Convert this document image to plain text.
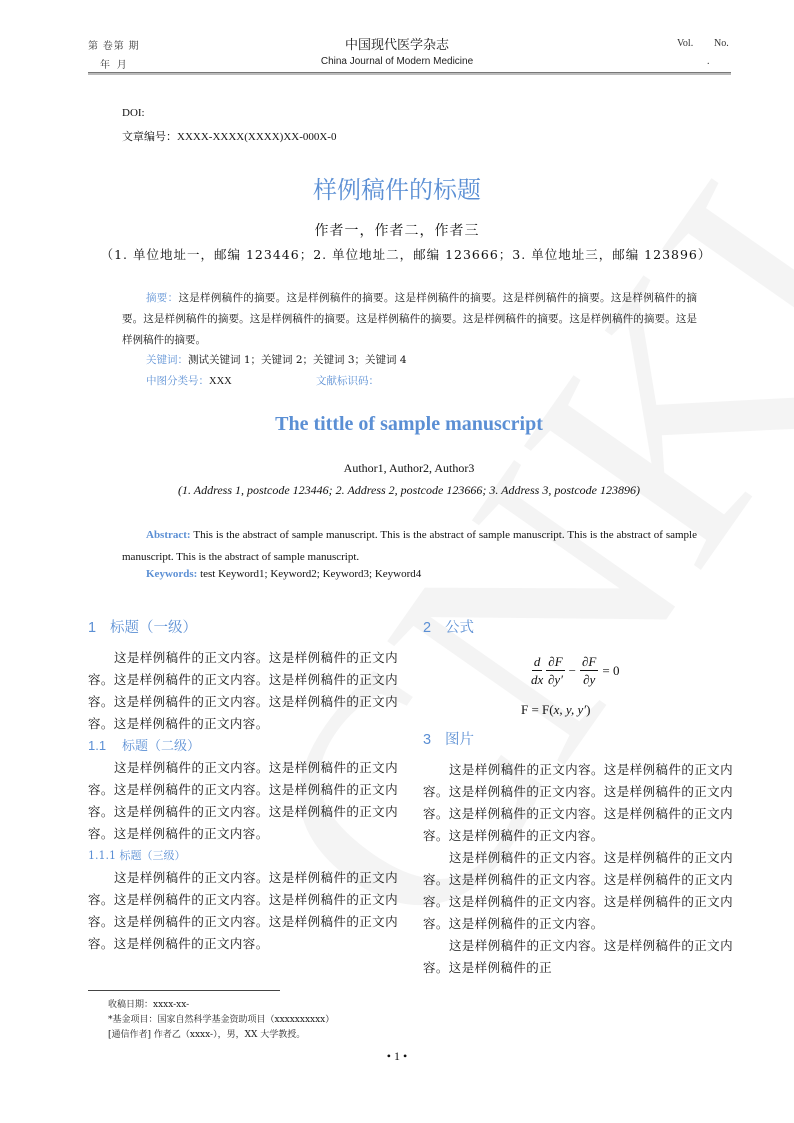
第 卷第 期
年 月
中国现代医学杂志
China Journal of Modern Medicine
Vol. No.
.
DOI:
文章编号：XXXX-XXXX(XXXX)XX-000X-0
样例稿件的标题
作者一，作者二，作者三
（1. 单位地址一，邮编 123446；2. 单位地址二，邮编 123666；3. 单位地址三，邮编 123896）
摘要：这是样例稿件的摘要。这是样例稿件的摘要。这是样例稿件的摘要。这是样例稿件的摘要。这是样例稿件的摘要。这是样例稿件的摘要。这是样例稿件的摘要。这是样例稿件的摘要。这是样例稿件的摘要。这是样例稿件的摘要。这是样例稿件的摘要。
关键词：测试关键词 1；关键词 2；关键词 3；关键词 4
中图分类号：XXX	文献标识码：
The tittle of sample manuscript
Author1, Author2, Author3
(1. Address 1, postcode 123446; 2. Address 2, postcode 123666; 3. Address 3, postcode 123896)
Abstract: This is the abstract of sample manuscript. This is the abstract of sample manuscript. This is the abstract of sample manuscript. This is the abstract of sample manuscript.
Keywords: test Keyword1; Keyword2; Keyword3; Keyword4
1 标题（一级）
这是样例稿件的正文内容。这是样例稿件的正文内容。这是样例稿件的正文内容。这是样例稿件的正文内容。这是样例稿件的正文内容。这是样例稿件的正文内容。这是样例稿件的正文内容。
1.1 标题（二级）
这是样例稿件的正文内容。这是样例稿件的正文内容。这是样例稿件的正文内容。这是样例稿件的正文内容。这是样例稿件的正文内容。这是样例稿件的正文内容。这是样例稿件的正文内容。
1.1.1 标题（三级）
这是样例稿件的正文内容。这是样例稿件的正文内容。这是样例稿件的正文内容。这是样例稿件的正文内容。这是样例稿件的正文内容。这是样例稿件的正文内容。这是样例稿件的正文内容。
2 公式
$\frac{d}{dx} \frac{\partial F}{\partial y'} - \frac{\partial F}{\partial y} = 0$
F = F(x, y, y′)
3 图片
这是样例稿件的正文内容。这是样例稿件的正文内容。这是样例稿件的正文内容。这是样例稿件的正文内容。这是样例稿件的正文内容。这是样例稿件的正文内容。这是样例稿件的正文内容。
这是样例稿件的正文内容。这是样例稿件的正文内容。这是样例稿件的正文内容。这是样例稿件的正文内容。这是样例稿件的正文内容。这是样例稿件的正文内容。这是样例稿件的正文内容。
这是样例稿件的正文内容。这是样例稿件的正文内容。这是样例稿件的正
收稿日期：xxxx-xx-
*基金项目：国家自然科学基金资助项目（xxxxxxxxxx）
[通信作者] 作者乙（xxxx-），男，XX 大学教授。
• 1 •
